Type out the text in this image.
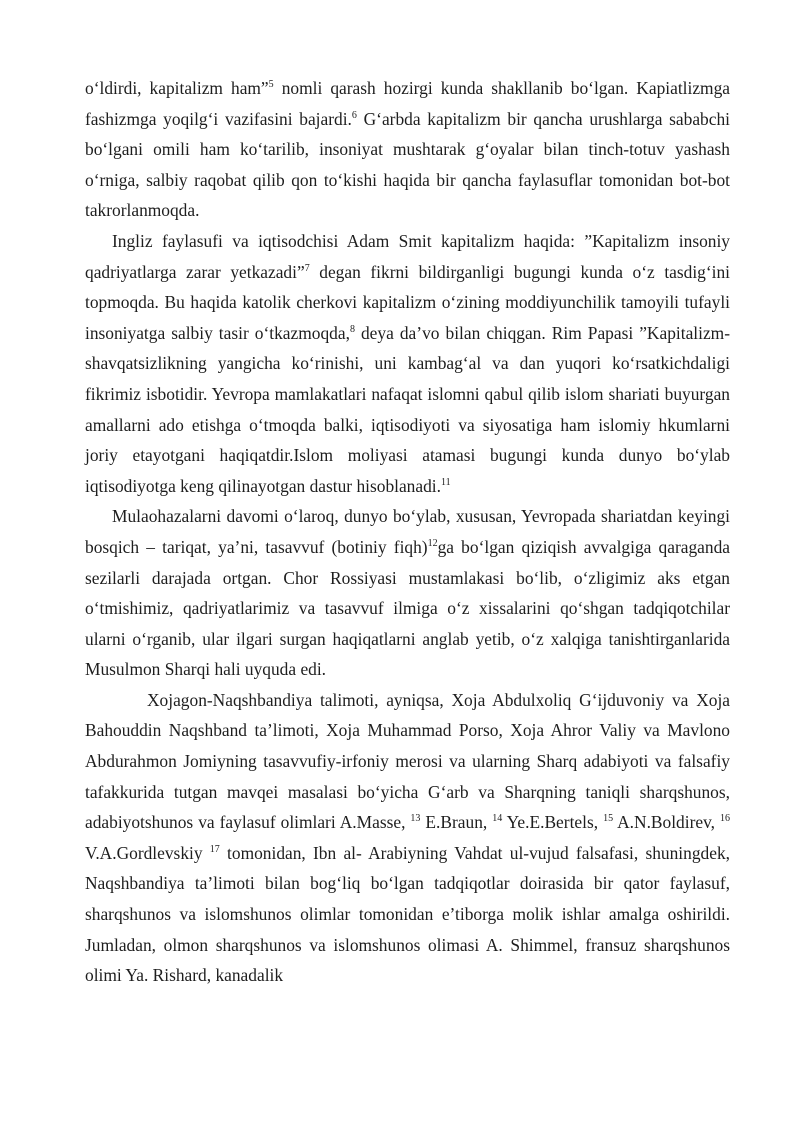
o‘ldirdi, kapitalizm ham”$^5$ nomli qarash hozirgi kunda shakllanib bo‘lgan. Kapiatlizmga fashizmga yoqilg‘i vazifasini bajardi.$^6$ G‘arbda kapitalizm bir qancha urushlarga sababchi bo‘lgani omili ham ko‘tarilib, insoniyat mushtarak g‘oyalar bilan tinch-totuv yashash o‘rniga, salbiy raqobat qilib qon to‘kishi haqida bir qancha faylasuflar tomonidan bot-bot takrorlanmoqda.

Ingliz faylasufi va iqtisodchisi Adam Smit kapitalizm haqida: ”Kapitalizm insoniy qadriyatlarga zarar yetkazadi”$^7$ degan fikrni bildirganligi bugungi kunda o‘z tasdig‘ini topmoqda. Bu haqida katolik cherkovi kapitalizm o‘zining moddiyunchilik tamoyili tufayli insoniyatga salbiy tasir o‘tkazmoqda,$^8$ deya da’vo bilan chiqgan. Rim Papasi ”Kapitalizm-shavqatsizlikning yangicha ko‘rinishi, uni kambag‘al va dan yuqori ko‘rsatkichdaligi fikrimiz isbotidir. Yevropa mamlakatlari nafaqat islomni qabul qilib islom shariati buyurgan amallarni ado etishga o‘tmoqda balki, iqtisodiyoti va siyosatiga ham islomiy hkumlarni joriy etayotgani haqiqatdir.Islom moliyasi atamasi bugungi kunda dunyo bo‘ylab iqtisodiyotga keng qilinayotgan dastur hisoblanadi.$^{11}$

Mulaohazalarni davomi o‘laroq, dunyo bo‘ylab, xususan, Yevropada shariatdan keyingi bosqich – tariqat, ya’ni, tasavvuf (botiniy fiqh)$^{12}$ga bo‘lgan qiziqish avvalgiga qaraganda sezilarli darajada ortgan. Chor Rossiyasi mustamlakasi bo‘lib, o‘zligimiz aks etgan o‘tmishimiz, qadriyatlarimiz va tasavvuf ilmiga o‘z xissalarini qo‘shgan tadqiqotchilar ularni o‘rganib, ular ilgari surgan haqiqatlarni anglab yetib, o‘z xalqiga tanishtirganlarida Musulmon Sharqi hali uyquda edi.

Xojagon-Naqshbandiya talimoti, ayniqsa, Xoja Abdulxoliq G‘ijduvoniy va Xoja Bahouddin Naqshband ta’limoti, Xoja Muhammad Porso, Xoja Ahror Valiy va Mavlono Abdurahmon Jomiyning tasavvufiy-irfoniy merosi va ularning Sharq adabiyoti va falsafiy tafakkurida tutgan mavqei masalasi bo‘yicha G‘arb va Sharqning taniqli sharqshunos, adabiyotshunos va faylasuf olimlari A.Masse, $^{13}$ E.Braun, $^{14}$ Ye.E.Bertels, $^{15}$ A.N.Boldirev, $^{16}$ V.A.Gordlevskiy $^{17}$ tomonidan, Ibn al- Arabiyning Vahdat ul-vujud falsafasi, shuningdek, Naqshbandiya ta’limoti bilan bog‘liq bo‘lgan tadqiqotlar doirasida bir qator faylasuf, sharqshunos va islomshunos olimlar tomonidan e’tiborga molik ishlar amalga oshirildi. Jumladan, olmon sharqshunos va islomshunos olimasi A. Shimmel, fransuz sharqshunos olimi Ya. Rishard, kanadalik
